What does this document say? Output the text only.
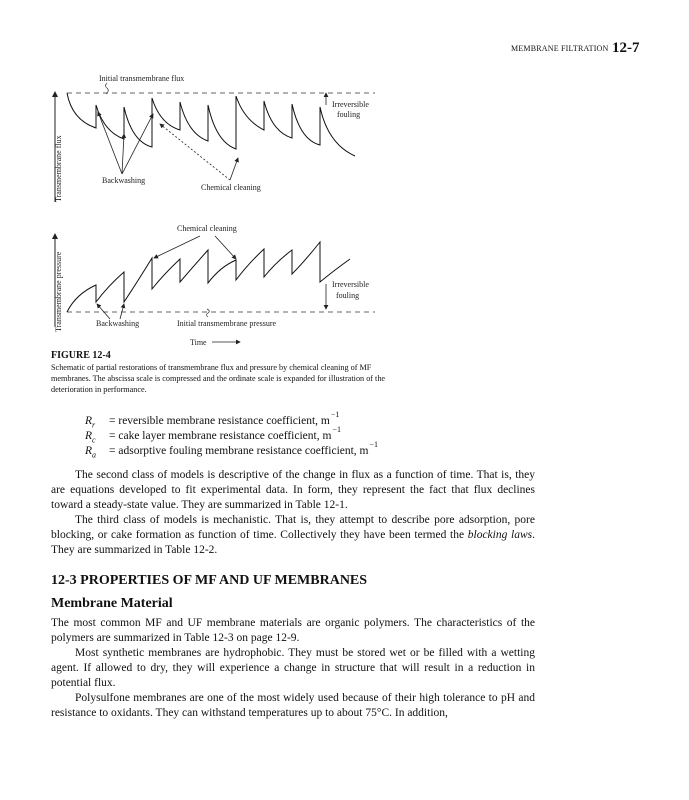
MEMBRANE FILTRATION 12-7
Transmembrane flux
Initial transmembrane flux
Irreversible
fouling
Backwashing
Chemical cleaning
Transmembrane pressure	Irreversible
fouling
Chemical cleaning
Backwashing	Initial transmembrane pressure
Time
FIGURE 12-4
Schematic of partial restorations of transmembrane flux and pressure by chemical cleaning of MF membranes. The abscissa scale is compressed and the ordinate scale is expanded for illustration of the deterioration in performance.
$R_r$ = reversible membrane resistance coefficient, $m^{-1}$
$R_c$ = cake layer membrane resistance coefficient, $m^{-1}$
$R_a$ = adsorptive fouling membrane resistance coefficient, $m^{-1}$

The second class of models is descriptive of the change in flux as a function of time. That is, they are equations developed to fit experimental data. In form, they represent the fact that flux declines toward a steady-state value. They are summarized in Table 12-1.

The third class of models is mechanistic. That is, they attempt to describe pore adsorption, pore blocking, or cake formation as function of time. Collectively they have been termed the blocking laws. They are summarized in Table 12-2.

12-3 PROPERTIES OF MF AND UF MEMBRANES
Membrane Material

The most common MF and UF membrane materials are organic polymers. The characteristics of the polymers are summarized in Table 12-3 on page 12-9.

Most synthetic membranes are hydrophobic. They must be stored wet or be filled with a wetting agent. If allowed to dry, they will experience a change in structure that will result in a reduction in potential flux.

Polysulfone membranes are one of the most widely used because of their high tolerance to pH and resistance to oxidants. They can withstand temperatures up to about 75°C. In addition,
